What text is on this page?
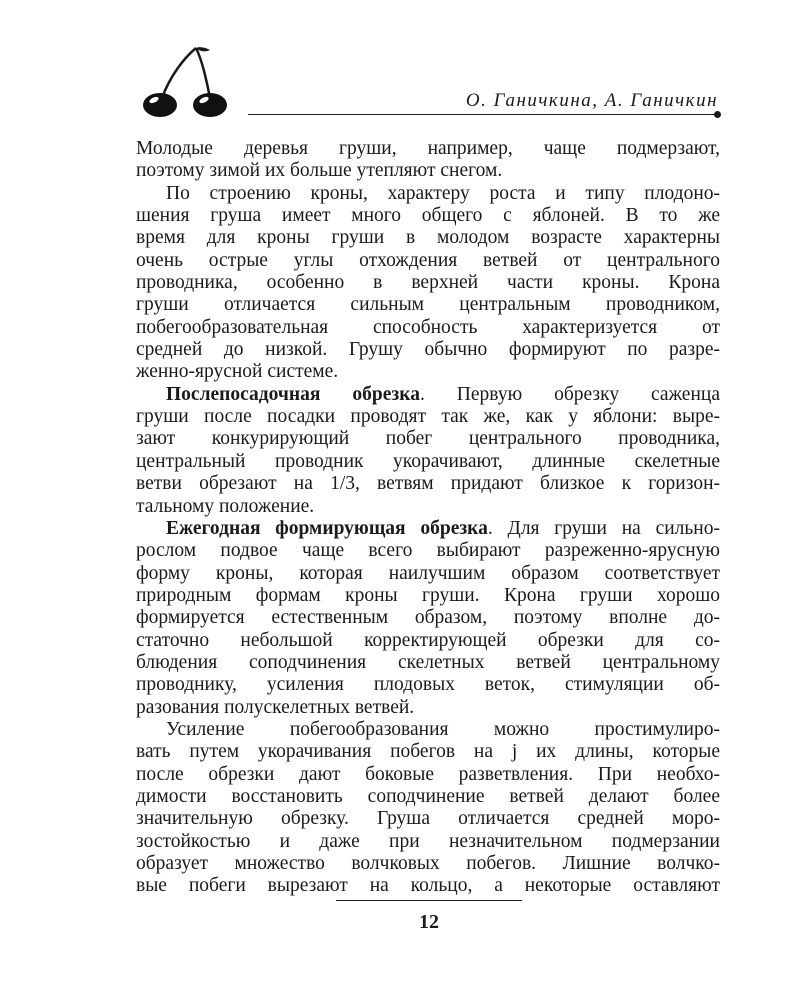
О. Ганичкина, А. Ганичкин
Молодые деревья груши, например, чаще подмерзают,
поэтому зимой их больше утепляют снегом.
По строению кроны, характеру роста и типу плодоно-
шения груша имеет много общего с яблоней. В то же
время для кроны груши в молодом возрасте характерны
очень острые углы отхождения ветвей от центрального
проводника, особенно в верхней части кроны. Крона
груши отличается сильным центральным проводником,
побегообразовательная способность характеризуется от
средней до низкой. Грушу обычно формируют по разре-
женно-ярусной системе.
Послепосадочная обрезка. Первую обрезку саженца
груши после посадки проводят так же, как у яблони: выре-
зают конкурирующий побег центрального проводника,
центральный проводник укорачивают, длинные скелетные
ветви обрезают на 1/3, ветвям придают близкое к горизон-
тальному положение.
Ежегодная формирующая обрезка. Для груши на сильно-
рослом подвое чаще всего выбирают разреженно-ярусную
форму кроны, которая наилучшим образом соответствует
природным формам кроны груши. Крона груши хорошо
формируется естественным образом, поэтому вполне до-
статочно небольшой корректирующей обрезки для со-
блюдения соподчинения скелетных ветвей центральному
проводнику, усиления плодовых веток, стимуляции об-
разования полускелетных ветвей.
Усиление побегообразования можно простимулиро-
вать путем укорачивания побегов на j их длины, которые
после обрезки дают боковые разветвления. При необхо-
димости восстановить соподчинение ветвей делают более
значительную обрезку. Груша отличается средней моро-
зостойкостью и даже при незначительном подмерзании
образует множество волчковых побегов. Лишние волчко-
вые побеги вырезают на кольцо, а некоторые оставляют
12
